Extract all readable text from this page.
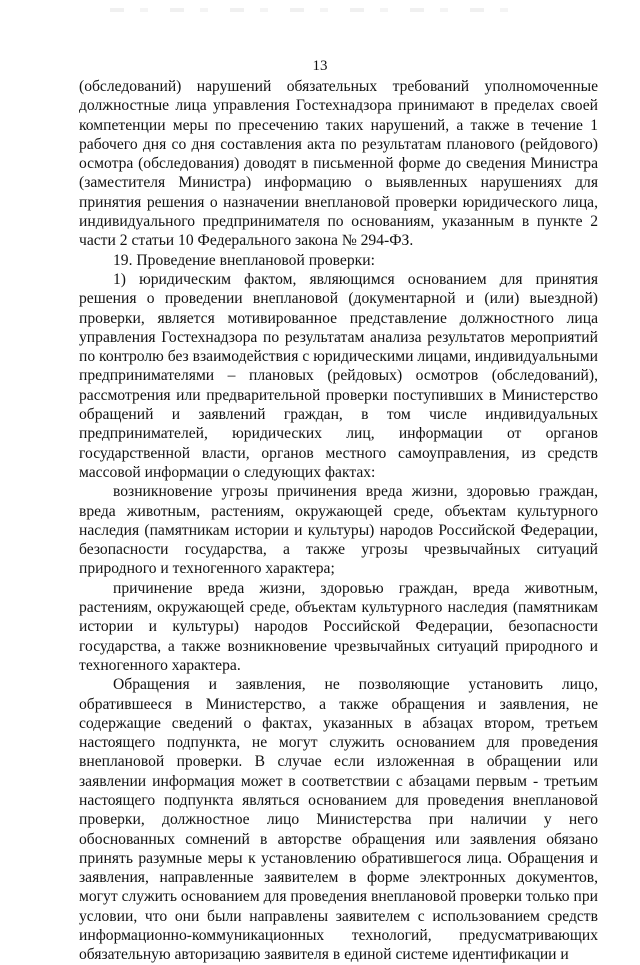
13

(обследований) нарушений обязательных требований уполномоченные должностные лица управления Гостехнадзора принимают в пределах своей компетенции меры по пресечению таких нарушений, а также в течение 1 рабочего дня со дня составления акта по результатам планового (рейдового) осмотра (обследования) доводят в письменной форме до сведения Министра (заместителя Министра) информацию о выявленных нарушениях для принятия решения о назначении внеплановой проверки юридического лица, индивидуального предпринимателя по основаниям, указанным в пункте 2 части 2 статьи 10 Федерального закона № 294-ФЗ.

19. Проведение внеплановой проверки:

1) юридическим фактом, являющимся основанием для принятия решения о проведении внеплановой (документарной и (или) выездной) проверки, является мотивированное представление должностного лица управления Гостехнадзора по результатам анализа результатов мероприятий по контролю без взаимодействия с юридическими лицами, индивидуальными предпринимателями – плановых (рейдовых) осмотров (обследований), рассмотрения или предварительной проверки поступивших в Министерство обращений и заявлений граждан, в том числе индивидуальных предпринимателей, юридических лиц, информации от органов государственной власти, органов местного самоуправления, из средств массовой информации о следующих фактах:

возникновение угрозы причинения вреда жизни, здоровью граждан, вреда животным, растениям, окружающей среде, объектам культурного наследия (памятникам истории и культуры) народов Российской Федерации, безопасности государства, а также угрозы чрезвычайных ситуаций природного и техногенного характера;

причинение вреда жизни, здоровью граждан, вреда животным, растениям, окружающей среде, объектам культурного наследия (памятникам истории и культуры) народов Российской Федерации, безопасности государства, а также возникновение чрезвычайных ситуаций природного и техногенного характера.

Обращения и заявления, не позволяющие установить лицо, обратившееся в Министерство, а также обращения и заявления, не содержащие сведений о фактах, указанных в абзацах втором, третьем настоящего подпункта, не могут служить основанием для проведения внеплановой проверки. В случае если изложенная в обращении или заявлении информация может в соответствии с абзацами первым - третьим настоящего подпункта являться основанием для проведения внеплановой проверки, должностное лицо Министерства при наличии у него обоснованных сомнений в авторстве обращения или заявления обязано принять разумные меры к установлению обратившегося лица. Обращения и заявления, направленные заявителем в форме электронных документов, могут служить основанием для проведения внеплановой проверки только при условии, что они были направлены заявителем с использованием средств информационно-коммуникационных технологий, предусматривающих обязательную авторизацию заявителя в единой системе идентификации и
